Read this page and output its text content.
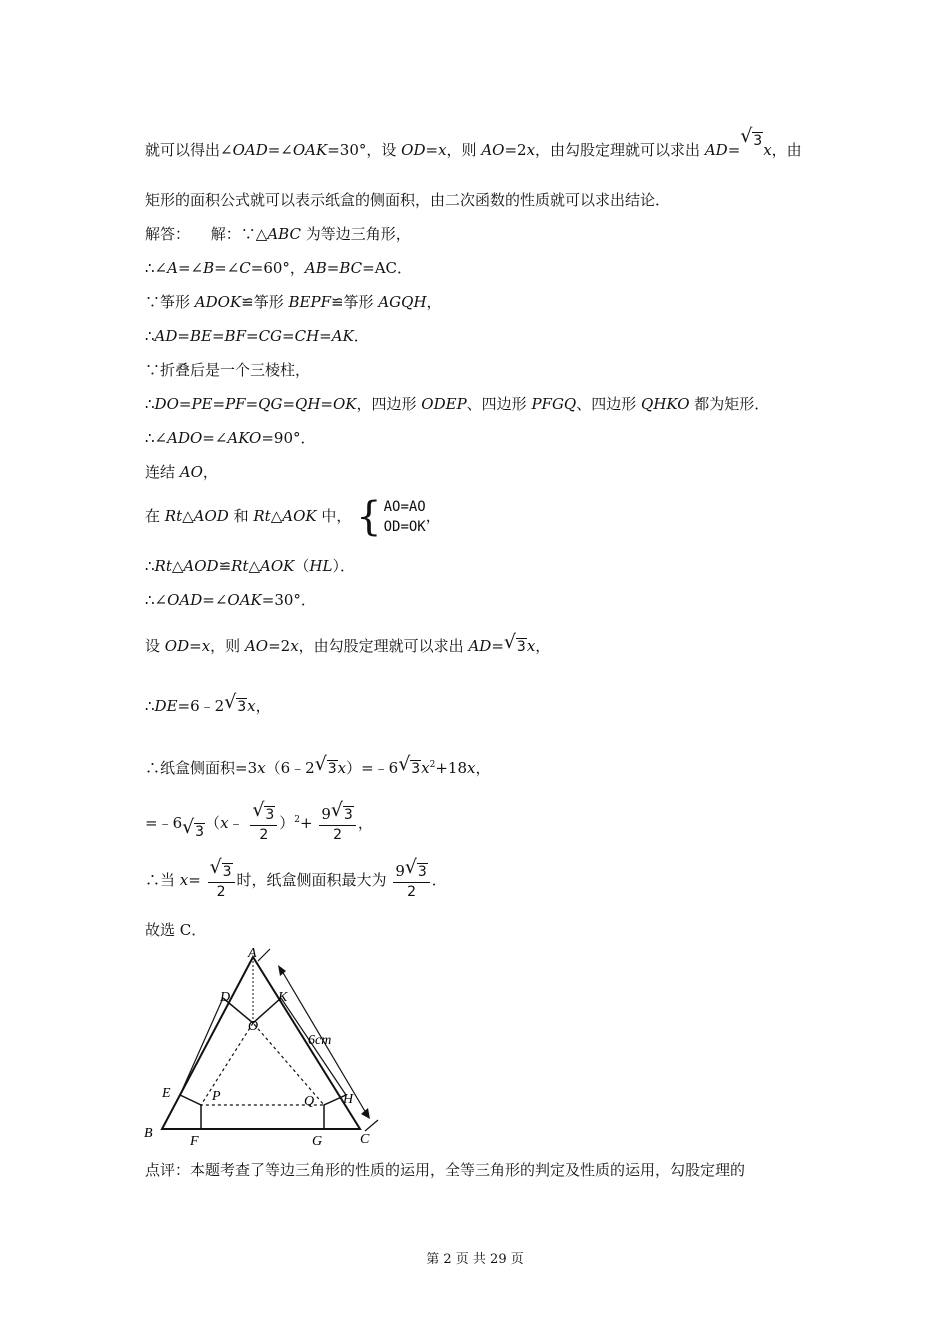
就可以得出∠OAD=∠OAK=30°，设 OD=x，则 AO=2x，由勾股定理就可以求出 AD= √ 3x，由
矩形的面积公式就可以表示纸盒的侧面积，由二次函数的性质就可以求出结论．
解答： 解：∵△ABC 为等边三角形，
∴∠A=∠B=∠C=60°，AB=BC=AC．
∵筝形 ADOK≌筝形 BEPF≌筝形 AGQH，
∴AD=BE=BF=CG=CH=AK．
∵折叠后是一个三棱柱，
∴DO=PE=PF=QG=QH=OK，四边形 ODEP、四边形 PFGQ、四边形 QHKO 都为矩形．
∴∠ADO=∠AKO=90°．
连结 AO，
在 Rt△AOD 和 Rt△AOK 中， { AO=AO
OD=OK
，
∴Rt△AOD≌Rt△AOK（HL）．
∴∠OAD=∠OAK=30°．
设 OD=x，则 AO=2x，由勾股定理就可以求出 AD= √ 3x，
∴DE=6﹣2 √ 3x，
∴纸盒侧面积=3x（6﹣2 √ 3x）=﹣6 √ $3x^2+18x$，
=﹣6 √ 3（x﹣ √ $\frac{3}{2} )^2+ \frac{9 √ 3}{2}$ ，
∴当 x= √ $\frac{3}{2}$ 时，纸盒侧面积最大为 $\frac{9 √ 3}{2}$ ．
故选 C．
A
B	C
D
E
F	G
H
K
O
P	Q
6cm
点评：本题考查了等边三角形的性质的运用，全等三角形的判定及性质的运用，勾股定理的
第 2 页 共 29 页
